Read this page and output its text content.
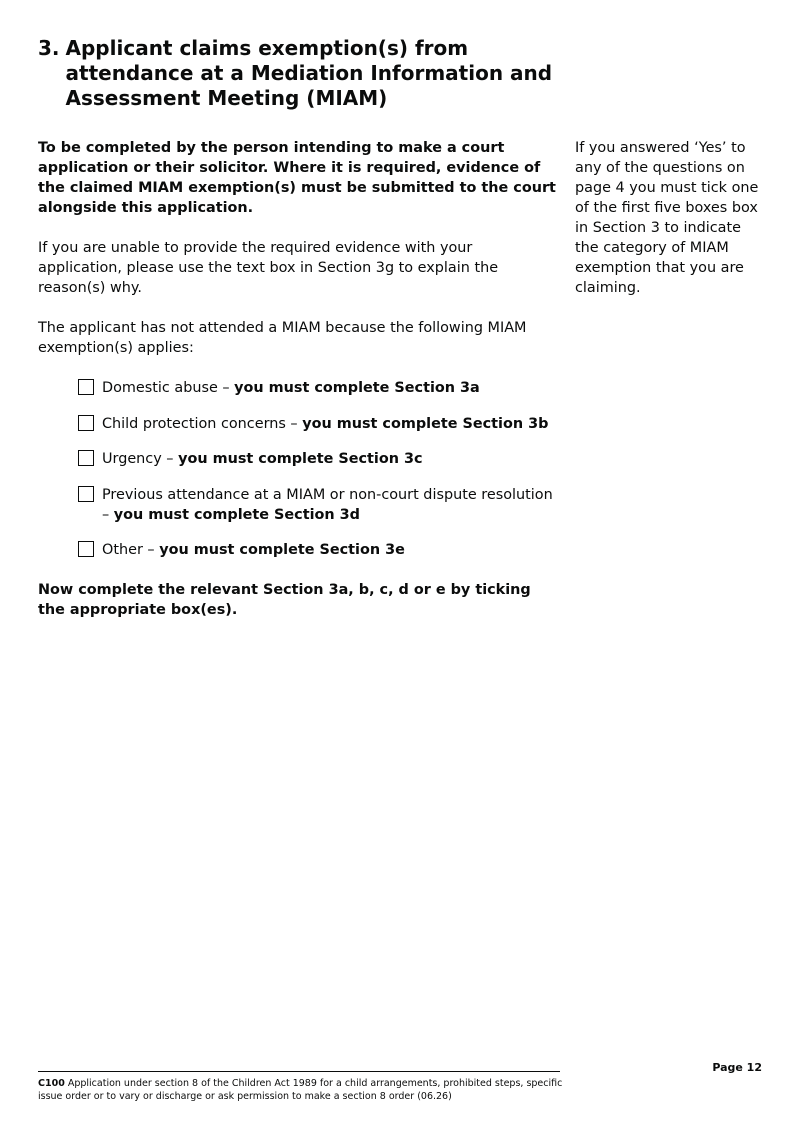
3. Applicant claims exemption(s) from attendance at a Mediation Information and Assessment Meeting (MIAM)

To be completed by the person intending to make a court application or their solicitor. Where it is required, evidence of the claimed MIAM exemption(s) must be submitted to the court alongside this application.

If you are unable to provide the required evidence with your application, please use the text box in Section 3g to explain the reason(s) why.

The applicant has not attended a MIAM because the following MIAM exemption(s) applies:

Domestic abuse – you must complete Section 3a
Child protection concerns – you must complete Section 3b
Urgency – you must complete Section 3c
Previous attendance at a MIAM or non-court dispute resolution – you must complete Section 3d
Other – you must complete Section 3e

Now complete the relevant Section 3a, b, c, d or e by ticking the appropriate box(es).

If you answered ‘Yes’ to any of the questions on page 4 you must tick one of the first five boxes box in Section 3 to indicate the category of MIAM exemption that you are claiming.

C100 Application under section 8 of the Children Act 1989 for a child arrangements, prohibited steps, specific issue order or to vary or discharge or ask permission to make a section 8 order (06.26)

Page 12
